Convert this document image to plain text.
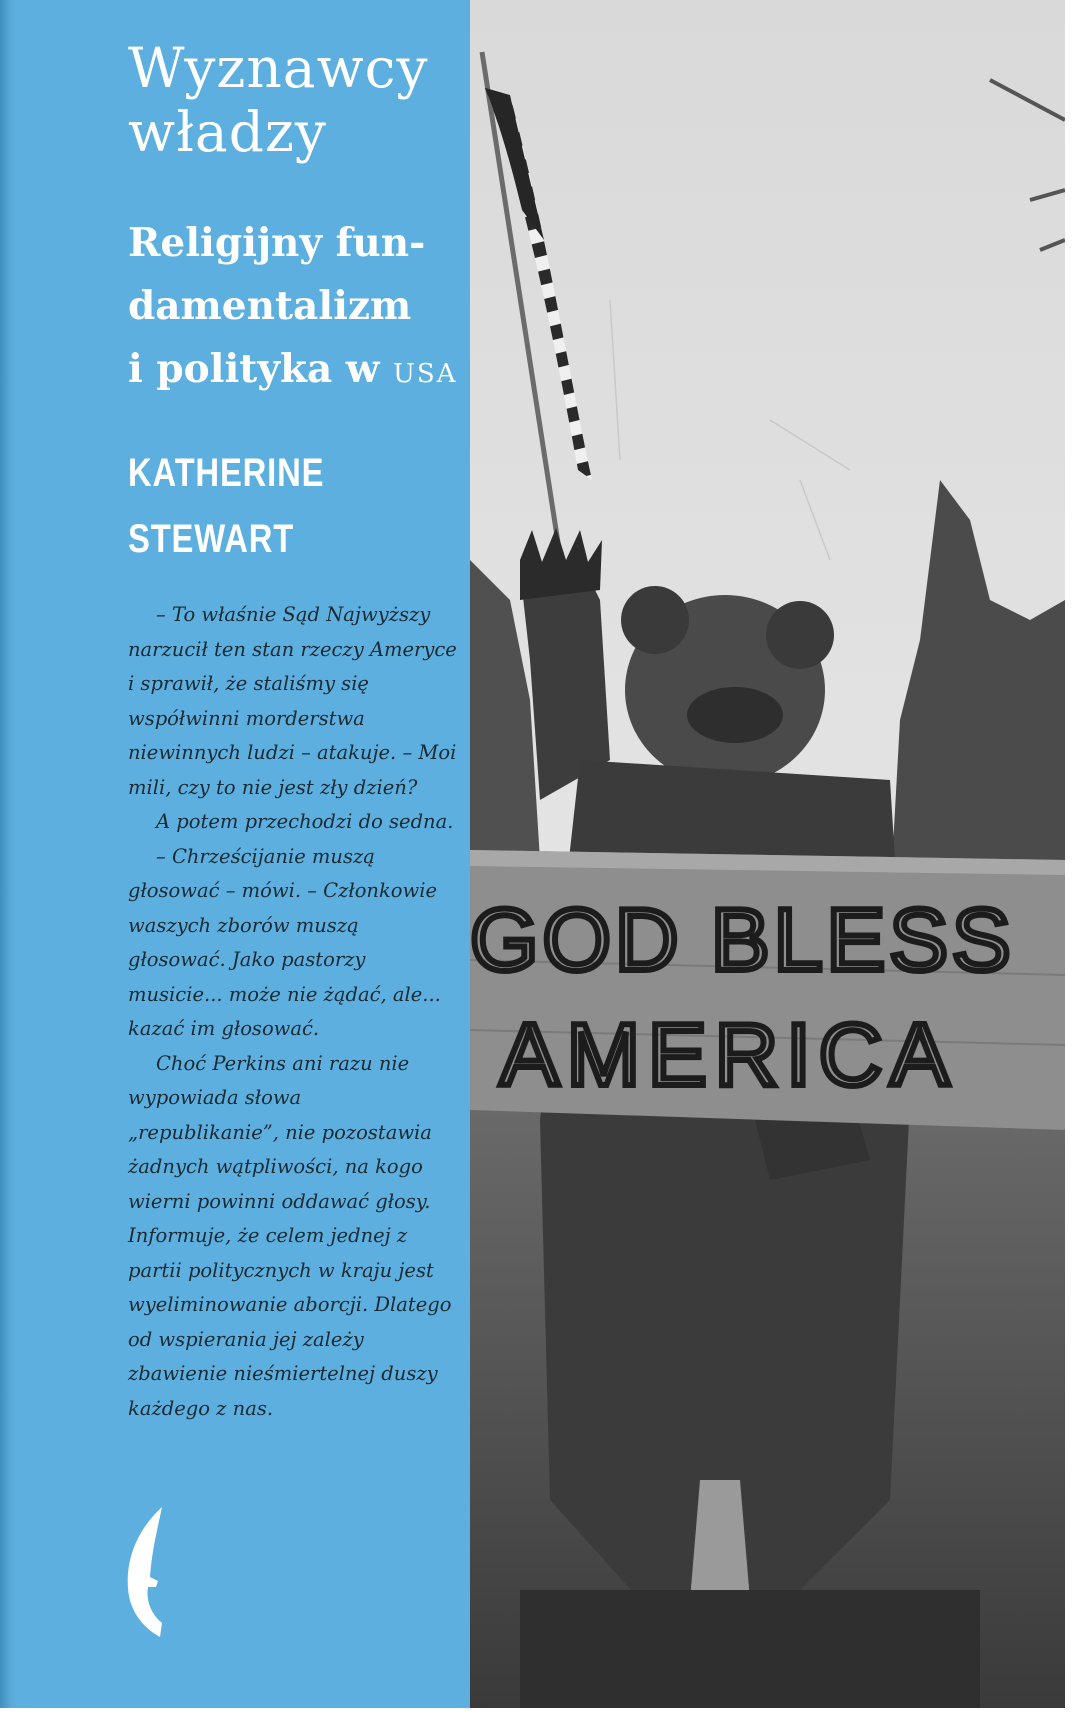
Wyznawcy
władzy
Religijny fun-
damentalizm
i polityka w USA
KATHERINE
STEWART

– To właśnie Sąd Najwyższy narzucił ten stan rzeczy Ameryce i sprawił, że staliśmy się współwinni morderstwa niewinnych ludzi – atakuje. – Moi mili, czy to nie jest zły dzień?

A potem przechodzi do sedna.

– Chrześcijanie muszą głosować – mówi. – Członkowie waszych zborów muszą głosować. Jako pastorzy musicie... może nie żądać, ale... kazać im głosować.

Choć Perkins ani razu nie wypowiada słowa „republikanie”, nie pozostawia żadnych wątpliwości, na kogo wierni powinni oddawać głosy. Informuje, że celem jednej z partii politycznych w kraju jest wyeliminowanie aborcji. Dlatego od wspierania jej zależy zbawienie nieśmiertelnej duszy każdego z nas.

GOD BLESS
AMERICA
